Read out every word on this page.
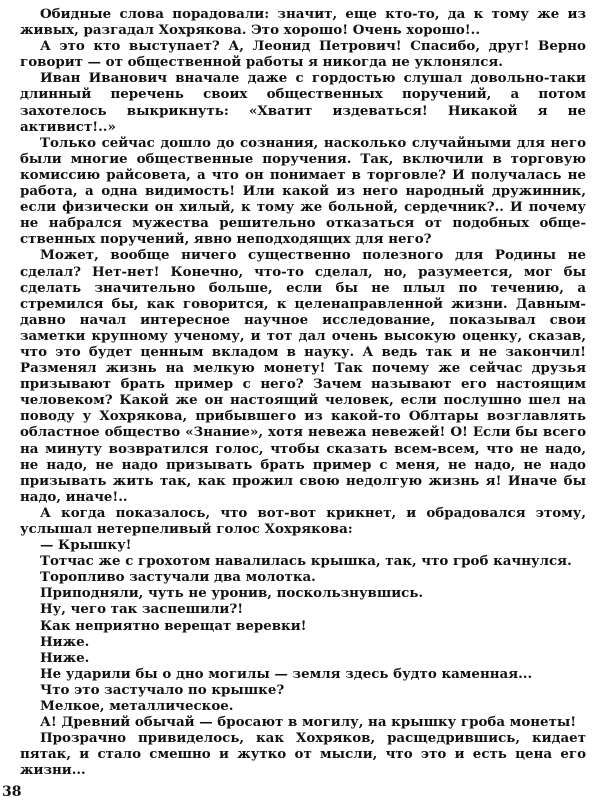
Обидные слова порадовали: значит, еще кто-то, да к тому же из живых, разгадал Хохрякова. Это хорошо! Очень хорошо!..

А это кто выступает? А, Леонид Петрович! Спасибо, друг! Верно говорит — от общественной работы я никогда не уклонялся.

Иван Иванович вначале даже с гордостью слушал довольно-таки длинный перечень своих общественных поручений, а потом захотелось выкрикнуть: «Хватит издеваться! Никакой я не активист!..»

Только сейчас дошло до сознания, насколько случайными для него были многие общественные поручения. Так, включили в торговую комиссию райсовета, а что он понимает в торговле? И получалась не работа, а одна видимость! Или какой из него народный дружинник, если физически он хилый, к тому же больной, сердечник?.. И почему не набрался мужества решительно отказаться от подобных общественных поручений, явно неподходящих для него?

Может, вообще ничего существенно полезного для Родины не сделал? Нет-нет! Конечно, что-то сделал, но, разумеется, мог бы сделать значительно больше, если бы не плыл по течению, а стремился бы, как говорится, к целенаправленной жизни. Давным-давно начал интересное научное исследование, показывал свои заметки крупному ученому, и тот дал очень высокую оценку, сказав, что это будет ценным вкладом в науку. А ведь так и не закончил! Разменял жизнь на мелкую монету! Так почему же сейчас друзья призывают брать пример с него? Зачем называют его настоящим человеком? Какой же он настоящий человек, если послушно шел на поводу у Хохрякова, прибывшего из какой-то Облтары возглавлять областное общество «Знание», хотя невежа невежей! О! Если бы всего на минуту возвратился голос, чтобы сказать всем-всем, что не надо, не надо, не надо призывать брать пример с меня, не надо, не надо призывать жить так, как прожил свою недолгую жизнь я! Иначе бы надо, иначе!..

А когда показалось, что вот-вот крикнет, и обрадовался этому, услышал нетерпеливый голос Хохрякова:

— Крышку!

Тотчас же с грохотом навалилась крышка, так, что гроб качнулся.

Торопливо застучали два молотка.

Приподняли, чуть не уронив, поскользнувшись.

Ну, чего так заспешили?!

Как неприятно верещат веревки!

Ниже.

Ниже.

Не ударили бы о дно могилы — земля здесь будто каменная...

Что это застучало по крышке?

Мелкое, металлическое.

А! Древний обычай — бросают в могилу, на крышку гроба монеты!

Прозрачно привиделось, как Хохряков, расщедрившись, кидает пятак, и стало смешно и жутко от мысли, что это и есть цена его жизни...

38
